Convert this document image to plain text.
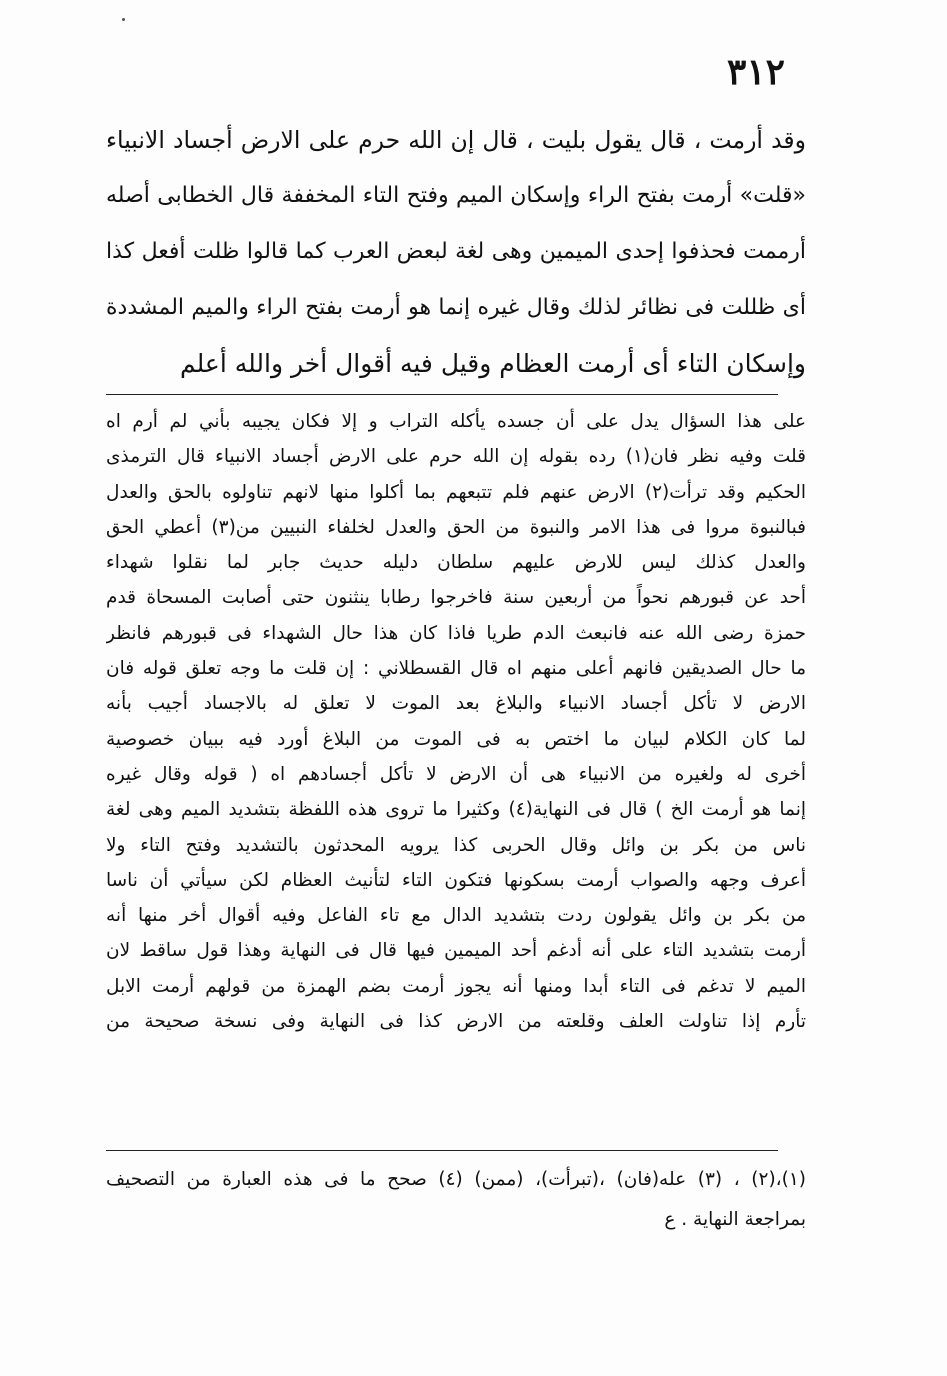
٣١٢
وقد أرمت ، قال يقول بليت ، قال إن الله حرم على الارض أجساد الانبياء
«قلت» أرمت بفتح الراء وإسكان الميم وفتح التاء المخففة قال الخطابى أصله
أرممت فحذفوا إحدى الميمين وهى لغة لبعض العرب كما قالوا ظلت أفعل كذا
أى ظللت فى نظائر لذلك وقال غيره إنما هو أرمت بفتح الراء والميم المشددة
وإسكان التاء أى أرمت العظام وقيل فيه أقوال أخر والله أعلم
على هذا السؤال يدل على أن جسده يأكله التراب و إلا فكان يجيبه بأني لم أرم اه
قلت وفيه نظر فان(١) رده بقوله إن الله حرم على الارض أجساد الانبياء قال الترمذى
الحكيم وقد ترأت(٢) الارض عنهم فلم تتبعهم بما أكلوا منها لانهم تناولوه بالحق والعدل
فبالنبوة مروا فى هذا الامر والنبوة من الحق والعدل لخلفاء النبيين من(٣) أعطي الحق
والعدل كذلك ليس للارض عليهم سلطان دليله حديث جابر لما نقلوا شهداء
أحد عن قبورهم نحواً من أربعين سنة فاخرجوا رطابا ينثنون حتى أصابت المسحاة قدم
حمزة رضى الله عنه فانبعث الدم طريا فاذا كان هذا حال الشهداء فى قبورهم فانظر
ما حال الصديقين فانهم أعلى منهم اه قال القسطلاني : إن قلت ما وجه تعلق قوله فان
الارض لا تأكل أجساد الانبياء والبلاغ بعد الموت لا تعلق له بالاجساد أجيب بأنه
لما كان الكلام لبيان ما اختص به فى الموت من البلاغ أورد فيه ببيان خصوصية
أخرى له ولغيره من الانبياء هى أن الارض لا تأكل أجسادهم اه ( قوله وقال غيره
إنما هو أرمت الخ ) قال فى النهاية(٤) وكثيرا ما تروى هذه اللفظة بتشديد الميم وهى لغة
ناس من بكر بن وائل وقال الحربى كذا يرويه المحدثون بالتشديد وفتح التاء ولا
أعرف وجهه والصواب أرمت بسكونها فتكون التاء لتأنيث العظام لكن سيأتي أن ناسا
من بكر بن وائل يقولون ردت بتشديد الدال مع تاء الفاعل وفيه أقوال أخر منها أنه
أرمت بتشديد التاء على أنه أدغم أحد الميمين فيها قال فى النهاية وهذا قول ساقط لان
الميم لا تدغم فى التاء أبدا ومنها أنه يجوز أرمت بضم الهمزة من قولهم أرمت الابل
تأرم إذا تناولت العلف وقلعته من الارض كذا فى النهاية وفى نسخة صحيحة من
(١)،(٢) ، (٣) عله(فان) ،(تبرأت)، (ممن) (٤) صحح ما فى هذه العبارة من التصحيف
بمراجعة النهاية . ع
